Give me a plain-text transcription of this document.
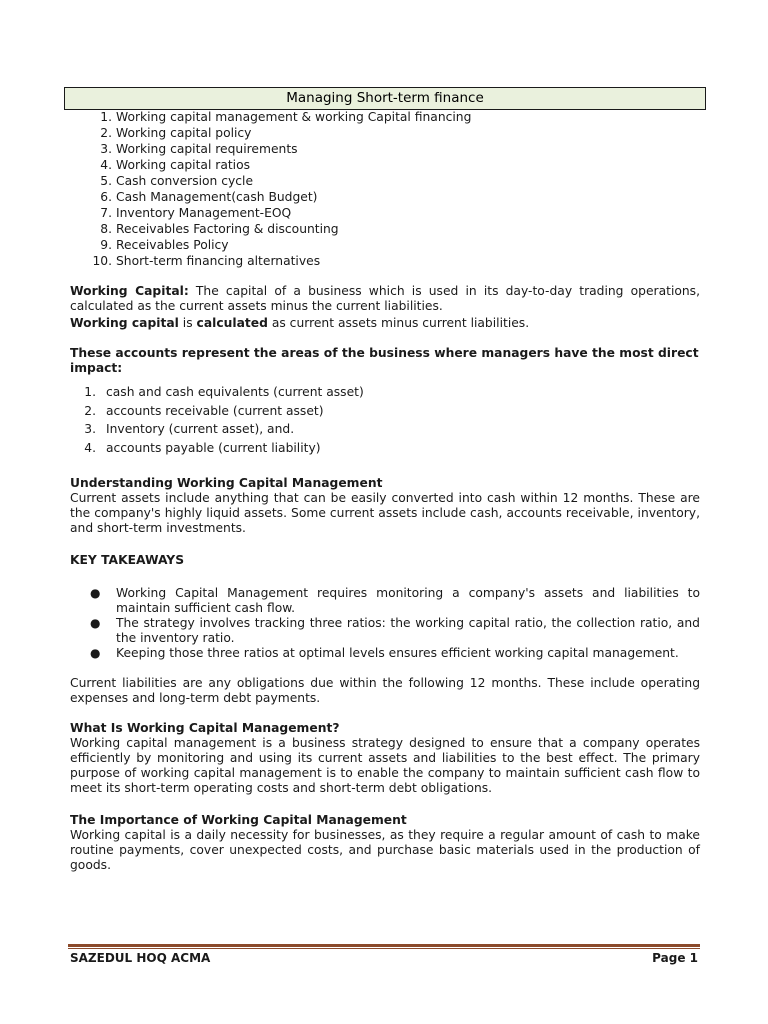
Managing Short-term finance
1. Working capital management & working Capital financing
2. Working capital policy
3. Working capital requirements
4. Working capital ratios
5. Cash conversion cycle
6. Cash Management(cash Budget)
7. Inventory Management-EOQ
8. Receivables Factoring & discounting
9. Receivables Policy
10. Short-term financing alternatives

Working Capital: The capital of a business which is used in its day-to-day trading operations, calculated as the current assets minus the current liabilities.

Working capital is calculated as current assets minus current liabilities.

These accounts represent the areas of the business where managers have the most direct impact:

1. cash and cash equivalents (current asset)
2. accounts receivable (current asset)
3. Inventory (current asset), and.
4. accounts payable (current liability)

Understanding Working Capital Management

Current assets include anything that can be easily converted into cash within 12 months. These are the company's highly liquid assets. Some current assets include cash, accounts receivable, inventory, and short-term investments.

KEY TAKEAWAYS

● Working Capital Management requires monitoring a company's assets and liabilities to maintain sufficient cash flow.
● The strategy involves tracking three ratios: the working capital ratio, the collection ratio, and the inventory ratio.
● Keeping those three ratios at optimal levels ensures efficient working capital management.

Current liabilities are any obligations due within the following 12 months. These include operating expenses and long-term debt payments.

What Is Working Capital Management?

Working capital management is a business strategy designed to ensure that a company operates efficiently by monitoring and using its current assets and liabilities to the best effect. The primary purpose of working capital management is to enable the company to maintain sufficient cash flow to meet its short-term operating costs and short-term debt obligations.

The Importance of Working Capital Management

Working capital is a daily necessity for businesses, as they require a regular amount of cash to make routine payments, cover unexpected costs, and purchase basic materials used in the production of goods.

SAZEDUL HOQ ACMA	Page 1
